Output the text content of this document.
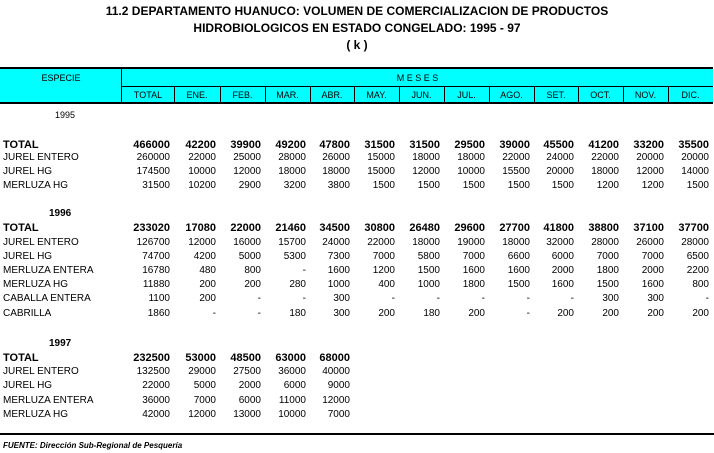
11.2 DEPARTAMENTO HUANUCO: VOLUMEN DE COMERCIALIZACION DE PRODUCTOS
HIDROBIOLOGICOS EN ESTADO CONGELADO: 1995 - 97
( k )
ESPECIE	M E S E S
TOTAL	ENE.	FEB.	MAR.	ABR.	MAY.	JUN.	JUL.	AGO.	SET.	OCT.	NOV.	DIC.
1995
TOTAL	466000 42200 39900 49200 47800 31500 31500 29500 39000 45500 41200 33200 35500
JUREL ENTERO	260000 22000 25000 28000 26000 15000 18000 18000 22000 24000 22000 20000 20000
JUREL HG	174500 10000 12000 18000 18000 15000 12000 10000 15500 20000 18000 12000 14000
MERLUZA HG	31500 10200 2900 3200 3800 1500 1500 1500 1500 1500 1200 1200 1500
1996
TOTAL	233020 17080 22000 21460 34500 30800 26480 29600 27700 41800 38800 37100 37700
JUREL ENTERO	126700 12000 16000 15700 24000 22000 18000 19000 18000 32000 28000 26000 28000
JUREL HG	74700 4200 5000 5300 7300 7000 5800 7000 6600 6000 7000 7000 6500
MERLUZA ENTERA	16780	480	800	- 1600 1200 1500 1600 1600 2000 1800 2000 2200
MERLUZA HG	11880	200	200	280 1000	400 1000 1800 1500 1600 1500 1600	800
CABALLA ENTERA	1100	200	-	-	300	-	-	-	-	-	300	300	-
CABRILLA	1860	-	-	180	300	200	180	200	-	200	200	200	200
1997
TOTAL	232500 53000 48500 63000 68000
JUREL ENTERO	132500 29000 27500 36000 40000
JUREL HG	22000 5000 2000 6000 9000
MERLUZA ENTERA	36000 7000 6000 11000 12000
MERLUZA HG	42000 12000 13000 10000 7000
FUENTE: Dirección Sub-Regional de Pesquería
